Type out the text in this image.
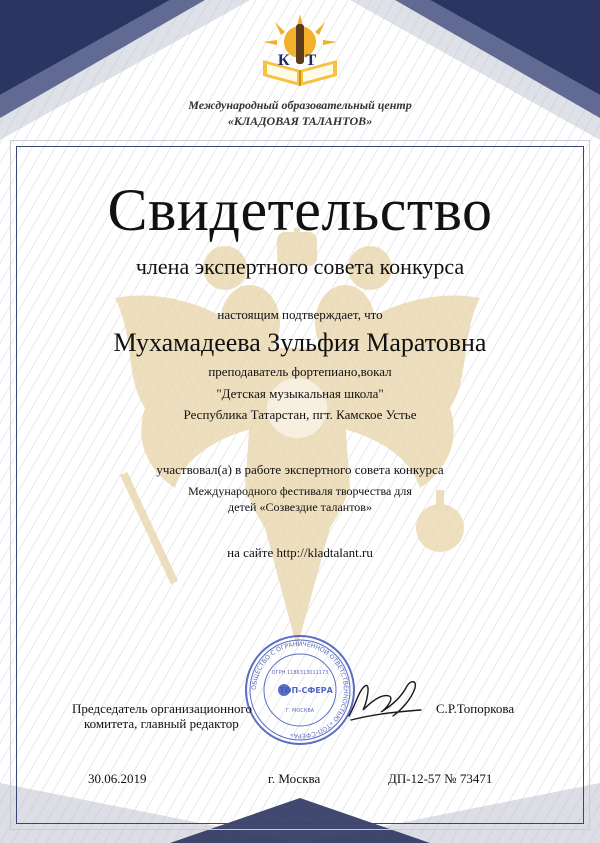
К Т
Международный образовательный центр
«КЛАДОВАЯ ТАЛАНТОВ»
Свидетельство
члена экспертного совета конкурса
настоящим подтверждает, что
Мухамадеева Зульфия Маратовна
преподаватель фортепиано,вокал
"Детская музыкальная школа"
Республика Татарстан, пгт. Камское Устье
участвовал(а) в работе экспертного совета конкурса
Международного фестиваля творчества для
детей «Созвездие талантов»
на сайте http://kladtalant.ru
ОБЩЕСТВО С ОГРАНИЧЕННОЙ ОТВЕТСТВЕННОСТЬЮ «ТОП-СФЕРА»
ТОП-СФЕРА
ОГРН 1186313011173
Г. МОСКВА
Председатель организационного
комитета, главный редактор
С.Р.Топоркова
30.06.2019	г. Москва	ДП-12-57 № 73471
